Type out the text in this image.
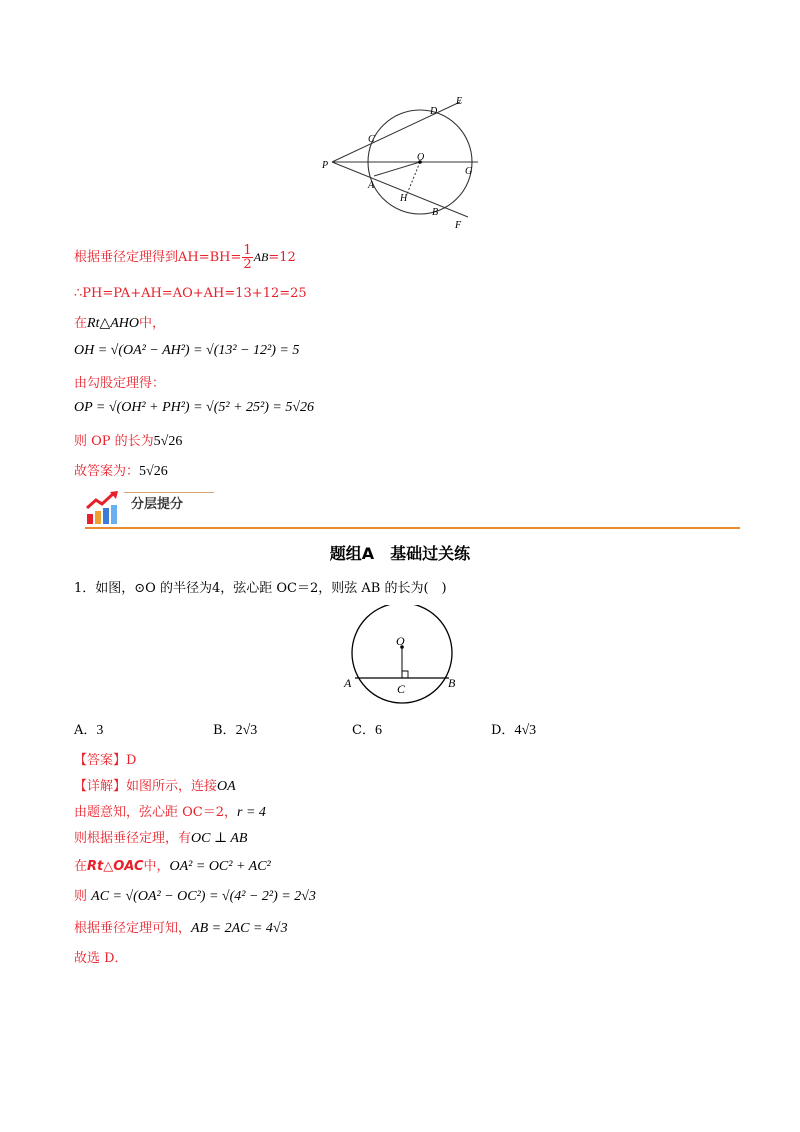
P
C
D
E
O
G
A
H
B
F
根据垂径定理得到$AH=BH= \frac{1}{2} AB=12$
∴PH=PA+AH=AO+AH=13+12=25
在Rt△AHO中，
OH = √(OA² − AH²) = √(13² − 12²) = 5
由勾股定理得：
OP = √(OH² + PH²) = √(5² + 25²) = 5√26
则 OP 的长为5√26
故答案为：5√26
分层提分
题组A　基础过关练
1．如图，⊙O 的半径为4，弦心距 OC＝2，则弦 AB 的长为(　)
O
A	C	B
A．3	B．2√3	C．6	D．4√3
【答案】D
【详解】如图所示，连接OA
由题意知，弦心距 OC＝2，r = 4
则根据垂径定理，有OC ⊥ AB
在Rt△OAC中，OA² = OC² + AC²
则 AC = √(OA² − OC²) = √(4² − 2²) = 2√3
根据垂径定理可知，AB = 2AC = 4√3
故选 D．
